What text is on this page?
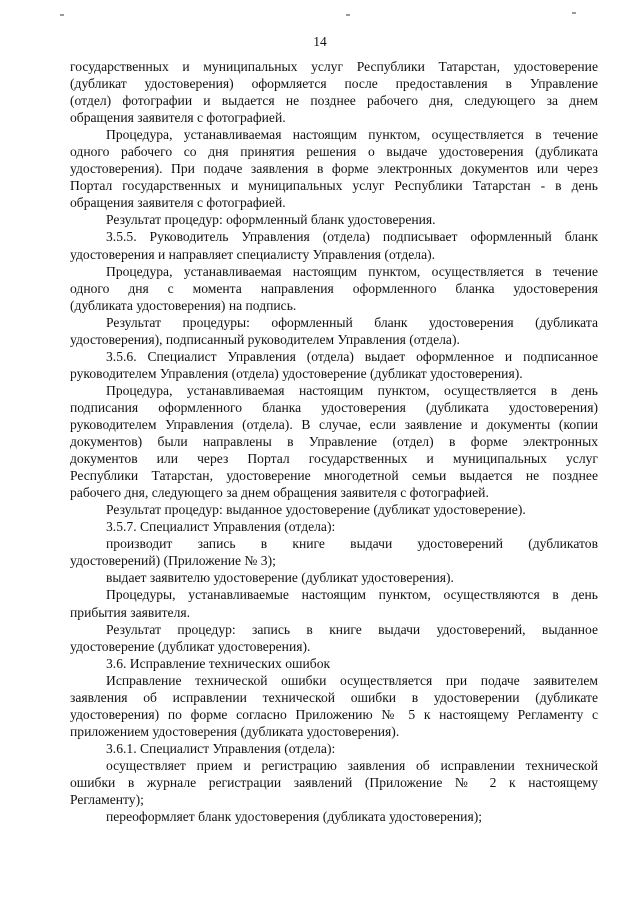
14
государственных и муниципальных услуг Республики Татарстан, удостоверение
(дубликат удостоверения) оформляется после предоставления в Управление
(отдел) фотографии и выдается не позднее рабочего дня, следующего за днем
обращения заявителя с фотографией.
Процедура, устанавливаемая настоящим пунктом, осуществляется в течение
одного рабочего со дня принятия решения о выдаче удостоверения (дубликата
удостоверения). При подаче заявления в форме электронных документов или через
Портал государственных и муниципальных услуг Республики Татарстан - в день
обращения заявителя с фотографией.
Результат процедур: оформленный бланк удостоверения.
3.5.5. Руководитель Управления (отдела) подписывает оформленный бланк
удостоверения и направляет специалисту Управления (отдела).
Процедура, устанавливаемая настоящим пунктом, осуществляется в течение
одного дня с момента направления оформленного бланка удостоверения
(дубликата удостоверения) на подпись.
Результат процедуры: оформленный бланк удостоверения (дубликата
удостоверения), подписанный руководителем Управления (отдела).
3.5.6. Специалист Управления (отдела) выдает оформленное и подписанное
руководителем Управления (отдела) удостоверение (дубликат удостоверения).
Процедура, устанавливаемая настоящим пунктом, осуществляется в день
подписания оформленного бланка удостоверения (дубликата удостоверения)
руководителем Управления (отдела). В случае, если заявление и документы (копии
документов) были направлены в Управление (отдел) в форме электронных
документов или через Портал государственных и муниципальных услуг
Республики Татарстан, удостоверение многодетной семьи выдается не позднее
рабочего дня, следующего за днем обращения заявителя с фотографией.
Результат процедур: выданное удостоверение (дубликат удостоверение).
3.5.7. Специалист Управления (отдела):
производит запись в книге выдачи удостоверений (дубликатов
удостоверений) (Приложение № 3);
выдает заявителю удостоверение (дубликат удостоверения).
Процедуры, устанавливаемые настоящим пунктом, осуществляются в день
прибытия заявителя.
Результат процедур: запись в книге выдачи удостоверений, выданное
удостоверение (дубликат удостоверения).
3.6. Исправление технических ошибок
Исправление технической ошибки осуществляется при подаче заявителем
заявления об исправлении технической ошибки в удостоверении (дубликате
удостоверения) по форме согласно Приложению № 5 к настоящему Регламенту с
приложением удостоверения (дубликата удостоверения).
3.6.1. Специалист Управления (отдела):
осуществляет прием и регистрацию заявления об исправлении технической
ошибки в журнале регистрации заявлений (Приложение № 2 к настоящему
Регламенту);
переоформляет бланк удостоверения (дубликата удостоверения);
